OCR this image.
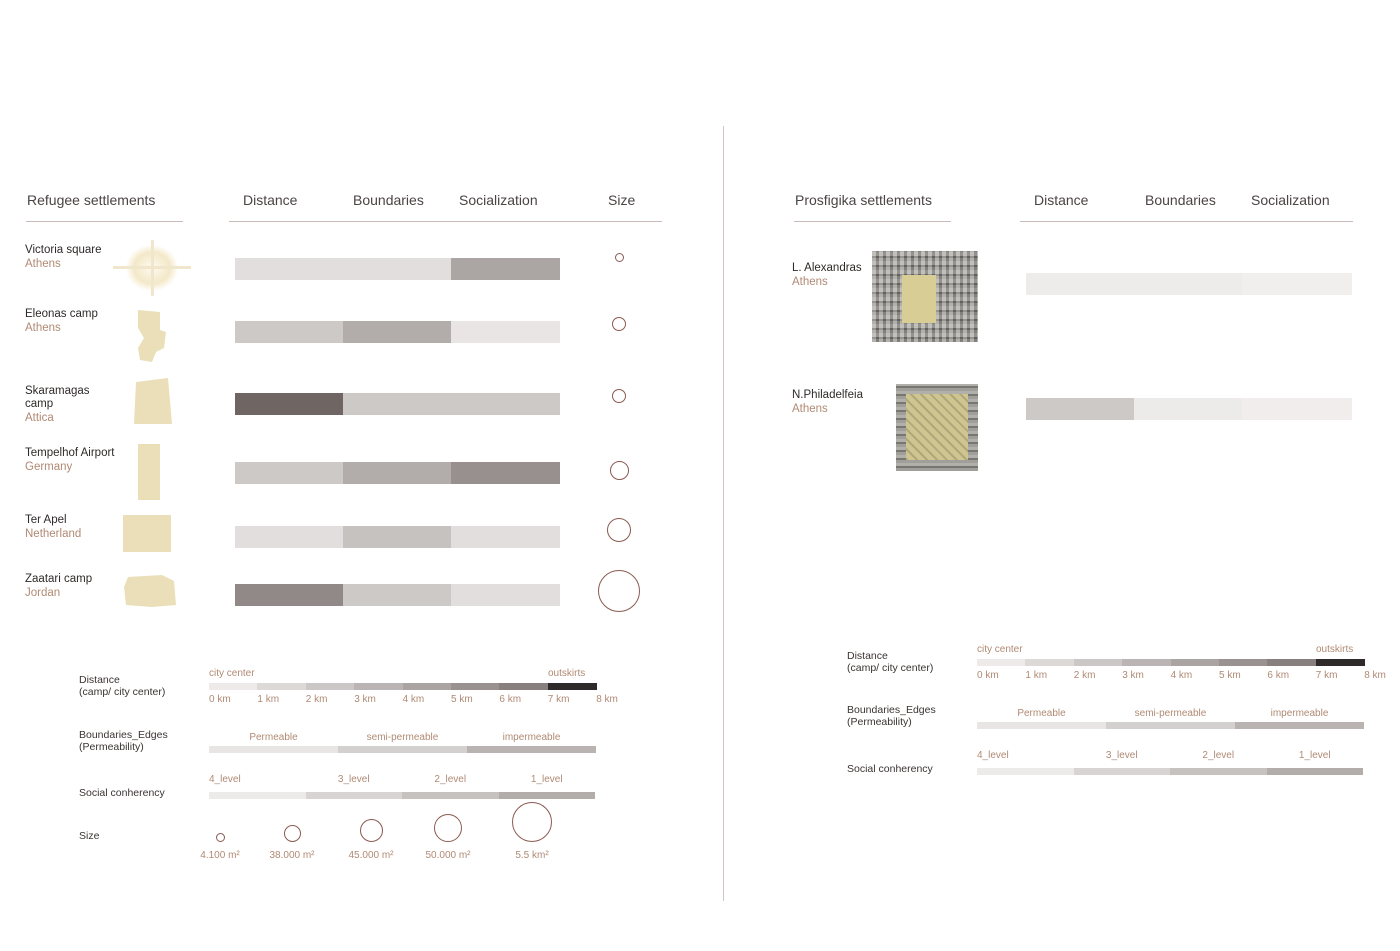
Refugee settlements	Distance	Boundaries	Socialization	Size
Victoria square
Athens
Eleonas camp
Athens
Skaramagas
camp
Attica
Tempelhof Airport
Germany
Ter Apel
Netherland
Zaatari camp
Jordan
Distance
(camp/ city center)
city center	outskirts
0 km	1 km	2 km	3 km	4 km	5 km	6 km	7 km	8 km
Boundaries_Edges
(Permeability)
Permeable	semi-permeable	impermeable
Social conherency
4_level	3_level	2_level	1_level
Size
4.100 m²	38.000 m²	45.000 m²	50.000 m²	5.5 km²
Prosfigika settlements	Distance	Boundaries	Socialization
L. Alexandras
Athens
N.Philadelfeia
Athens
Distance
(camp/ city center)
city center	outskirts
0 km	1 km	2 km	3 km	4 km	5 km	6 km	7 km	8 km
Boundaries_Edges
(Permeability)
Permeable	semi-permeable	impermeable
Social conherency
4_level	3_level	2_level	1_level
